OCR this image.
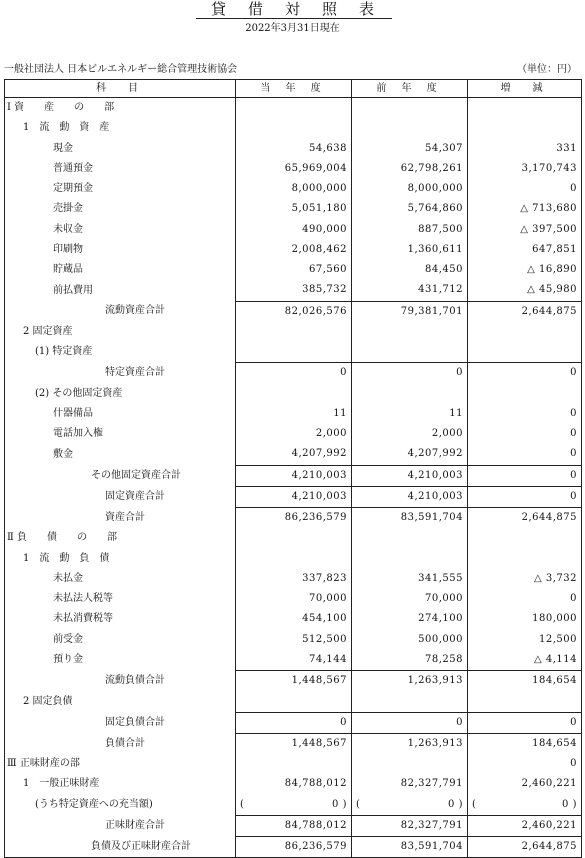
貸借対照表
2022年3月31日現在
一般社団法人 日本ビルエネルギー総合管理技術協会	（単位：円）
科　目	当 年 度	前 年 度	増　減
Ⅰ 資　　産　　の　　部			
1　流　動　資　産			
現金	54,638	54,307	331
普通預金	65,969,004	62,798,261	3,170,743
定期預金	8,000,000	8,000,000	0
売掛金	5,051,180	5,764,860	△ 713,680
未収金	490,000	887,500	△ 397,500
印刷物	2,008,462	1,360,611	647,851
貯蔵品	67,560	84,450	△ 16,890
前払費用	385,732	431,712	△ 45,980
流動資産合計	82,026,576	79,381,701	2,644,875
2 固定資産			
(1) 特定資産			
特定資産合計	0	0	0
(2) その他固定資産			
什器備品	11	11	0
電話加入権	2,000	2,000	0
敷金	4,207,992	4,207,992	0
その他固定資産合計	4,210,003	4,210,003	0
固定資産合計	4,210,003	4,210,003	0
資産合計	86,236,579	83,591,704	2,644,875
Ⅱ 負　　債　　の　　部			
1　流　動　負　債			
未払金	337,823	341,555	△ 3,732
未払法人税等	70,000	70,000	0
未払消費税等	454,100	274,100	180,000
前受金	512,500	500,000	12,500
預り金	74,144	78,258	△ 4,114
流動負債合計	1,448,567	1,263,913	184,654
2 固定負債			
固定負債合計	0	0	0
負債合計	1,448,567	1,263,913	184,654
Ⅲ 正味財産の部			0
1　一般正味財産	84,788,012	82,327,791	2,460,221
(うち特定資産への充当額)	( 0 )	( 0 )	( 0 )

正味財産合計	84,788,012	82,327,791	2,460,221
負債及び正味財産合計	86,236,579	83,591,704	2,644,875
